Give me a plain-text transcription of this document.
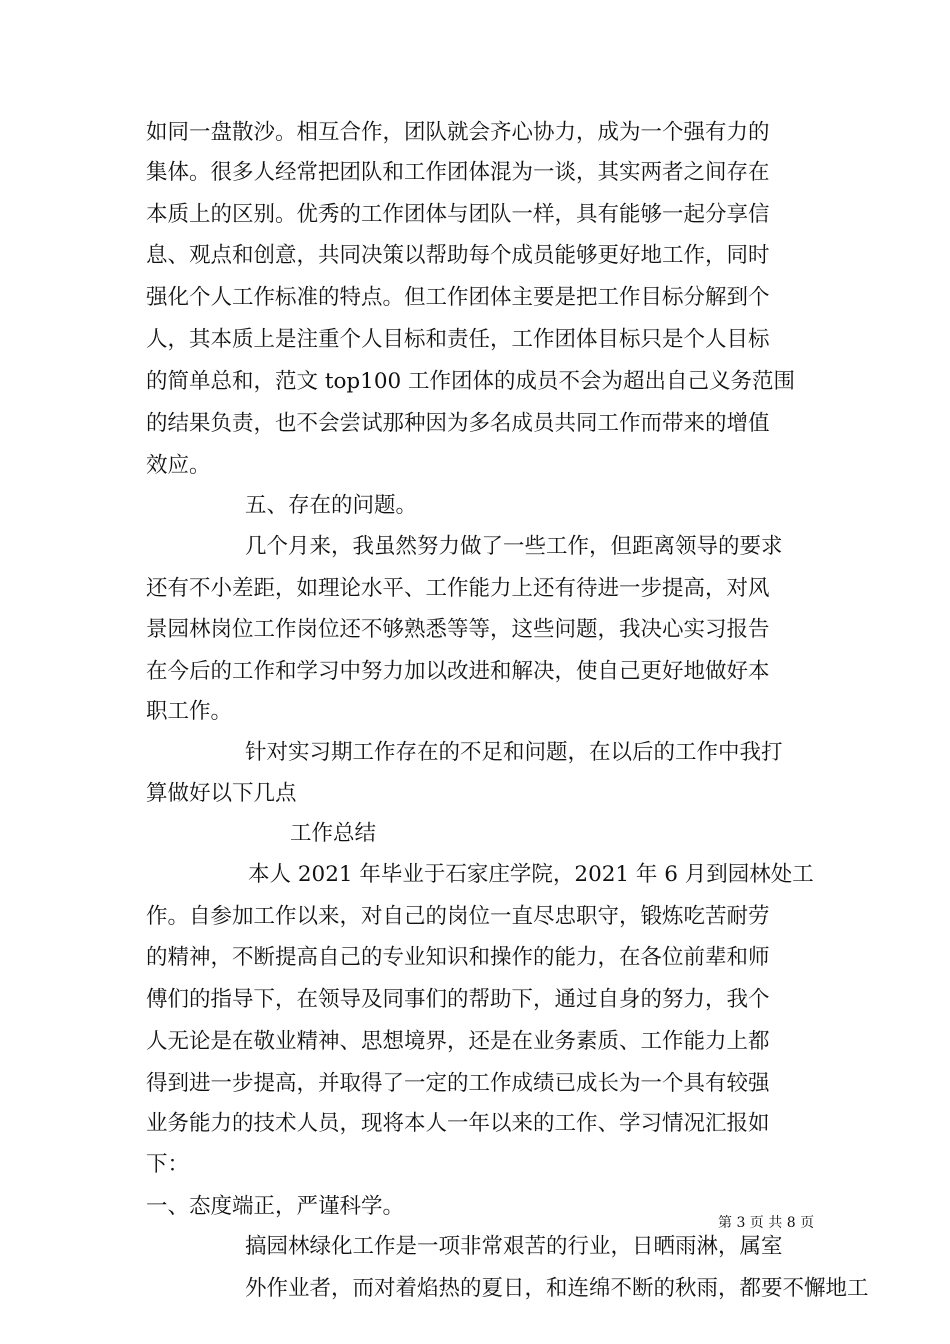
如同一盘散沙。相互合作，团队就会齐心协力，成为一个强有力的

集体。很多人经常把团队和工作团体混为一谈，其实两者之间存在

本质上的区别。优秀的工作团体与团队一样，具有能够一起分享信

息、观点和创意，共同决策以帮助每个成员能够更好地工作，同时

强化个人工作标准的特点。但工作团体主要是把工作目标分解到个

人，其本质上是注重个人目标和责任，工作团体目标只是个人目标

的简单总和，范文 top100 工作团体的成员不会为超出自己义务范围

的结果负责，也不会尝试那种因为多名成员共同工作而带来的增值

效应。

五、存在的问题。

几个月来，我虽然努力做了一些工作，但距离领导的要求

还有不小差距，如理论水平、工作能力上还有待进一步提高，对风

景园林岗位工作岗位还不够熟悉等等，这些问题，我决心实习报告

在今后的工作和学习中努力加以改进和解决，使自己更好地做好本

职工作。

针对实习期工作存在的不足和问题，在以后的工作中我打

算做好以下几点

工作总结

本人 2021 年毕业于石家庄学院，2021 年 6 月到园林处工

作。自参加工作以来，对自己的岗位一直尽忠职守，锻炼吃苦耐劳

的精神，不断提高自己的专业知识和操作的能力，在各位前辈和师

傅们的指导下，在领导及同事们的帮助下，通过自身的努力，我个

人无论是在敬业精神、思想境界，还是在业务素质、工作能力上都

得到进一步提高，并取得了一定的工作成绩已成长为一个具有较强

业务能力的技术人员，现将本人一年以来的工作、学习情况汇报如

下：

一、态度端正，严谨科学。

搞园林绿化工作是一项非常艰苦的行业，日晒雨淋，属室

外作业者，而对着焰热的夏日，和连绵不断的秋雨，都要不懈地工

第 3 页 共 8 页
